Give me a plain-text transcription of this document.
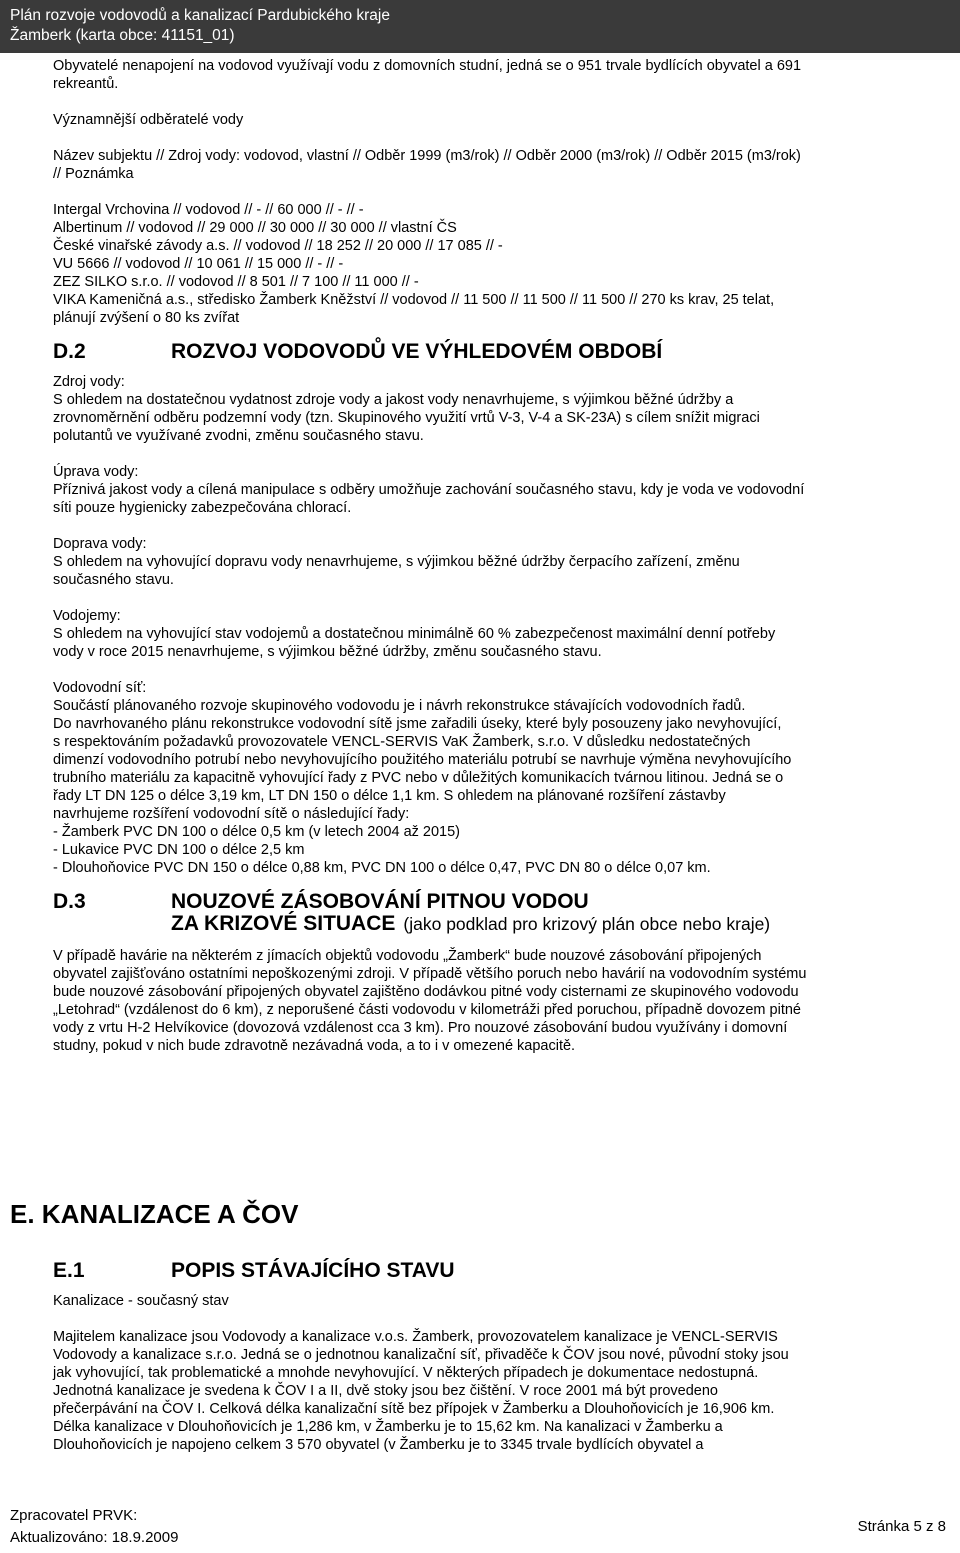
Plán rozvoje vodovodů a kanalizací Pardubického kraje
Žamberk (karta obce: 41151_01)

Obyvatelé nenapojení na vodovod využívají vodu z domovních studní, jedná se o 951 trvale bydlících obyvatel a 691

rekreantů.

Významnější odběratelé vody

Název subjektu // Zdroj vody: vodovod, vlastní // Odběr 1999 (m3/rok) // Odběr 2000 (m3/rok) // Odběr 2015 (m3/rok)

// Poznámka

Intergal Vrchovina // vodovod // - // 60 000 // - // -

Albertinum // vodovod // 29 000 // 30 000 // 30 000 // vlastní ČS

České vinařské závody a.s. // vodovod // 18 252 // 20 000 // 17 085 // -

VU 5666 // vodovod // 10 061 // 15 000 // - // -

ZEZ SILKO s.r.o. // vodovod // 8 501 // 7 100 // 11 000 // -

VIKA Kameničná a.s., středisko Žamberk Kněžství // vodovod // 11 500 // 11 500 // 11 500 // 270 ks krav, 25 telat,

plánují zvýšení o 80 ks zvířat

D.2	ROZVOJ VODOVODŮ VE VÝHLEDOVÉM OBDOBÍ

Zdroj vody:

S ohledem na dostatečnou vydatnost zdroje vody a jakost vody nenavrhujeme, s výjimkou běžné údržby a

zrovnoměrnění odběru podzemní vody (tzn. Skupinového využití vrtů V-3, V-4 a SK-23A) s cílem snížit migraci

polutantů ve využívané zvodni, změnu současného stavu.

Úprava vody:

Příznivá jakost vody a cílená manipulace s odběry umožňuje zachování současného stavu, kdy je voda ve vodovodní

síti pouze hygienicky zabezpečována chlorací.

Doprava vody:

S ohledem na vyhovující dopravu vody nenavrhujeme, s výjimkou běžné údržby čerpacího zařízení, změnu

současného stavu.

Vodojemy:

S ohledem na vyhovující stav vodojemů a dostatečnou minimálně 60 % zabezpečenost maximální denní potřeby

vody v roce 2015 nenavrhujeme, s výjimkou běžné údržby, změnu současného stavu.

Vodovodní síť:

Součástí plánovaného rozvoje skupinového vodovodu je i návrh rekonstrukce stávajících vodovodních řadů.

Do navrhovaného plánu rekonstrukce vodovodní sítě jsme zařadili úseky, které byly posouzeny jako nevyhovující,

s respektováním požadavků provozovatele VENCL-SERVIS VaK Žamberk, s.r.o. V důsledku nedostatečných

dimenzí vodovodního potrubí nebo nevyhovujícího použitého materiálu potrubí se navrhuje výměna nevyhovujícího

trubního materiálu za kapacitně vyhovující řady z PVC nebo v důležitých komunikacích tvárnou litinou. Jedná se o

řady LT DN 125 o délce 3,19 km, LT DN 150 o délce 1,1 km. S ohledem na plánované rozšíření zástavby

navrhujeme rozšíření vodovodní sítě o následující řady:

- Žamberk PVC DN 100 o délce 0,5 km (v letech 2004 až 2015)

- Lukavice PVC DN 100 o délce 2,5 km

- Dlouhoňovice PVC DN 150 o délce 0,88 km, PVC DN 100 o délce 0,47, PVC DN 80 o délce 0,07 km.

D.3	NOUZOVÉ ZÁSOBOVÁNÍ PITNOU VODOU
ZA KRIZOVÉ SITUACE (jako podklad pro krizový plán obce nebo kraje)

V případě havárie na některém z jímacích objektů vodovodu „Žamberk“ bude nouzové zásobování připojených

obyvatel zajišťováno ostatními nepoškozenými zdroji. V případě většího poruch nebo havárií na vodovodním systému

bude nouzové zásobování připojených obyvatel zajištěno dodávkou pitné vody cisternami ze skupinového vodovodu

„Letohrad“ (vzdálenost do 6 km), z neporušené části vodovodu v kilometráži před poruchou, případně dovozem pitné

vody z vrtu H-2 Helvíkovice (dovozová vzdálenost cca 3 km). Pro nouzové zásobování budou využívány i domovní

studny, pokud v nich bude zdravotně nezávadná voda, a to i v omezené kapacitě.

E. KANALIZACE A ČOV
E.1	POPIS STÁVAJÍCÍHO STAVU

Kanalizace - současný stav

Majitelem kanalizace jsou Vodovody a kanalizace v.o.s. Žamberk, provozovatelem kanalizace je VENCL-SERVIS

Vodovody a kanalizace s.r.o. Jedná se o jednotnou kanalizační síť, přivaděče k ČOV jsou nové, původní stoky jsou

jak vyhovující, tak problematické a mnohde nevyhovující. V některých případech je dokumentace nedostupná.

Jednotná kanalizace je svedena k ČOV I a II, dvě stoky jsou bez čištění. V roce 2001 má být provedeno

přečerpávání na ČOV I. Celková délka kanalizační sítě bez přípojek v Žamberku a Dlouhoňovicích je 16,906 km.

Délka kanalizace v Dlouhoňovicích je 1,286 km, v Žamberku je to 15,62 km. Na kanalizaci v Žamberku a

Dlouhoňovicích je napojeno celkem 3 570 obyvatel (v Žamberku je to 3345 trvale bydlících obyvatel a

Zpracovatel PRVK:
Aktualizováno: 18.9.2009
Stránka 5 z 8
